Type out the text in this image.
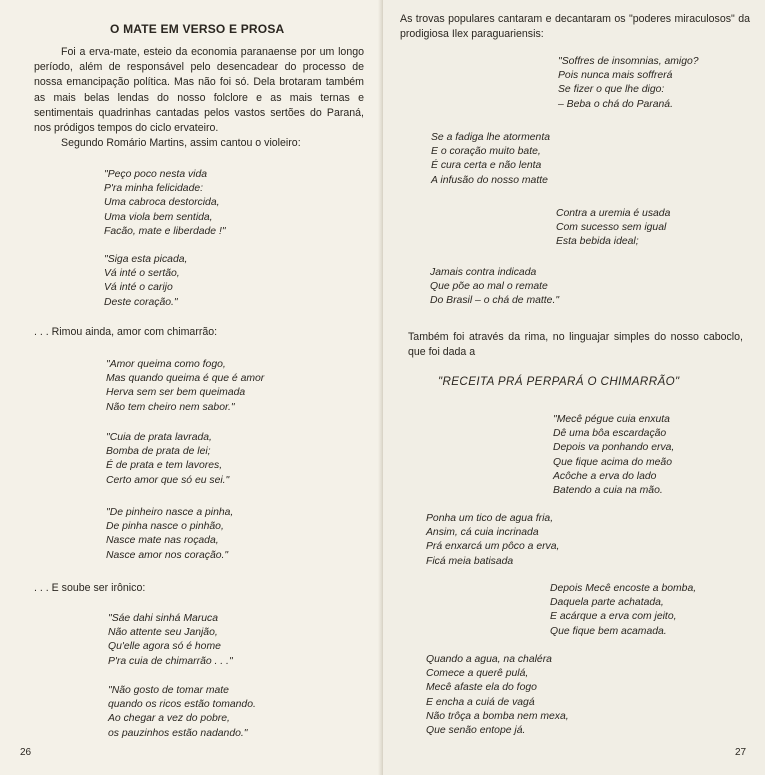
O MATE EM VERSO E PROSA

Foi a erva-mate, esteio da economia paranaense por um longo período, além de responsável pelo desencadear do processo de nossa emancipação política. Mas não foi só. Dela brotaram também as mais belas lendas do nosso folclore e as mais ternas e sentimentais quadrinhas cantadas pelos vastos sertões do Paraná, nos pródigos tempos do ciclo ervateiro.

Segundo Romário Martins, assim cantou o violeiro:

"Peço poco nesta vida
P'ra minha felicidade:
Uma cabroca destorcida,
Uma viola bem sentida,
Facão, mate e liberdade !"
"Siga esta picada,
Vá inté o sertão,
Vá inté o carijo
Deste coração."

. . . Rimou ainda, amor com chimarrão:

"Amor queima como fogo,
Mas quando queima é que é amor
Herva sem ser bem queimada
Não tem cheiro nem sabor."
"Cuia de prata lavrada,
Bomba de prata de lei;
É de prata e tem lavores,
Certo amor que só eu sei."
"De pinheiro nasce a pinha,
De pinha nasce o pinhão,
Nasce mate nas roçada,
Nasce amor nos coração."

. . . E soube ser irônico:

"Sáe dahi sinhá Maruca
Não attente seu Janjão,
Qu'elle agora só é home
P'ra cuia de chimarrão . . ."
"Não gosto de tomar mate
quando os ricos estão tomando.
Ao chegar a vez do pobre,
os pauzinhos estão nadando."

26

As trovas populares cantaram e decantaram os "poderes miraculosos" da prodigiosa Ilex paraguariensis:

"Soffres de insomnias, amigo?
Pois nunca mais soffrerá
Se fizer o que lhe digo:
– Beba o chá do Paraná.
Se a fadiga lhe atormenta
E o coração muito bate,
É cura certa e não lenta
A infusão do nosso matte
Contra a uremia é usada
Com sucesso sem igual
Esta bebida ideal;
Jamais contra indicada
Que põe ao mal o remate
Do Brasil – o chá de matte."

Também foi através da rima, no linguajar simples do nosso caboclo, que foi dada a

"RECEITA PRÁ PERPARÁ O CHIMARRÃO"

"Mecê pégue cuia enxuta
Dê uma bôa escardação
Depois va ponhando erva,
Que fique acima do meão
Acôche a erva do lado
Batendo a cuia na mão.
Ponha um tico de agua fria,
Ansim, cá cuia incrinada
Prá enxarcá um pôco a erva,
Ficá meia batisada
Depois Mecê encoste a bomba,
Daquela parte achatada,
E acárque a erva com jeito,
Que fique bem acamada.
Quando a agua, na chaléra
Comece a querê pulá,
Mecê afaste ela do fogo
E encha a cuiá de vagá
Não trôça a bomba nem mexa,
Que senão entope já.

27
